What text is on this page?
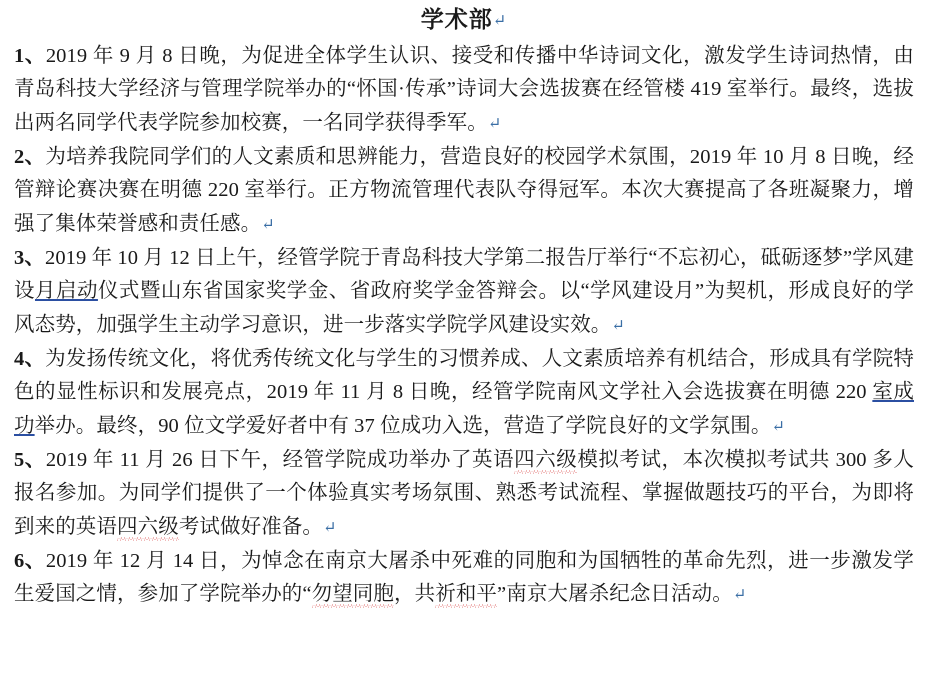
学术部↵
1、2019 年 9 月 8 日晚，为促进全体学生认识、接受和传播中华诗词文化，激发学生诗词热情，由青岛科技大学经济与管理学院举办的“怀国·传承”诗词大会选拔赛在经管楼 419 室举行。最终，选拔出两名同学代表学院参加校赛，一名同学获得季军。↵
2、为培养我院同学们的人文素质和思辨能力，营造良好的校园学术氛围，2019 年 10 月 8 日晚，经管辩论赛决赛在明德 220 室举行。正方物流管理代表队夺得冠军。本次大赛提高了各班凝聚力，增强了集体荣誉感和责任感。↵
3、2019 年 10 月 12 日上午，经管学院于青岛科技大学第二报告厅举行“不忘初心，砥砺逐梦”学风建设月启动仪式暨山东省国家奖学金、省政府奖学金答辩会。以“学风建设月”为契机，形成良好的学风态势，加强学生主动学习意识，进一步落实学院学风建设实效。↵
4、为发扬传统文化，将优秀传统文化与学生的习惯养成、人文素质培养有机结合，形成具有学院特色的显性标识和发展亮点，2019 年 11 月 8 日晚，经管学院南风文学社入会选拔赛在明德 220 室成功举办。最终，90 位文学爱好者中有 37 位成功入选，营造了学院良好的文学氛围。↵
5、2019 年 11 月 26 日下午，经管学院成功举办了英语四六级模拟考试，本次模拟考试共 300 多人报名参加。为同学们提供了一个体验真实考场氛围、熟悉考试流程、掌握做题技巧的平台，为即将到来的英语四六级考试做好准备。↵
6、2019 年 12 月 14 日，为悼念在南京大屠杀中死难的同胞和为国牺牲的革命先烈，进一步激发学生爱国之情，参加了学院举办的“勿望同胞，共祈和平”南京大屠杀纪念日活动。↵
